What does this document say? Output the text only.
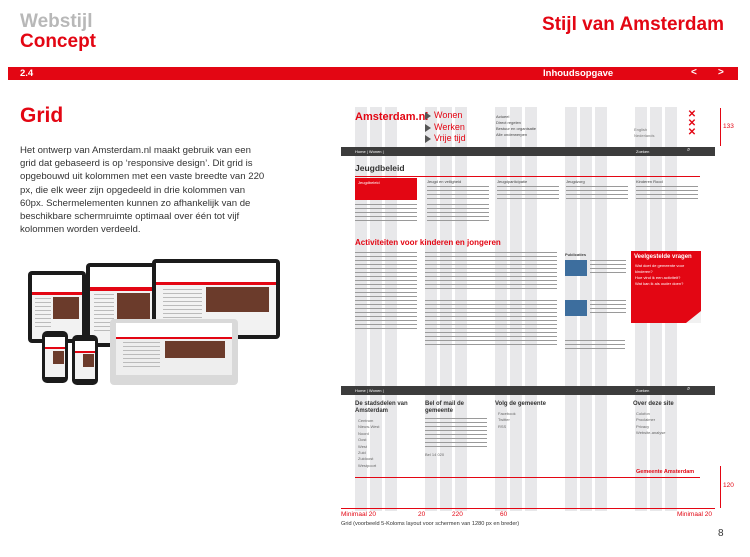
Webstijl
Concept
Stijl van Amsterdam
2.4	Inhoudsopgave	< >
Grid
Het ontwerp van Amsterdam.nl maakt gebruik van een grid dat gebaseerd is op ‘responsive design’. Dit grid is opgebouwd uit kolommen met een vaste breedte van 220 px, die elk weer zijn opgedeeld in drie kolommen van 60px. Schermelementen kunnen zo afhankelijk van de beschikbare schermruimte optimaal over één tot vijf kolommen worden verdeeld.
Amsterdam.nl Wonen
Werken
Vrije tijd
Actueel
Direct regelen
Bestuur en organisatie
Alle onderwerpen
✕
✕
✕
English
Nederlands
Home | Wonen |	Zoeken	⌕
Jeugdbeleid
Jeugdbeleid	Jeugd en veiligheid	Jeugdparticipatie	Jeugdzorg	Kinderen Rood
Activiteiten voor kinderen en jongeren
Publicaties	Veelgestelde vragen
Wat doet de gemeente voor kinderen?
Hoe vind ik een activiteit?
Wat kan ik als ouder doen?
Home | Wonen |	Zoeken	⌕
De stadsdelen van Amsterdam
Centrum
Nieuw-West
Noord
Oost
West
Zuid
Zuidoost
Westpoort
Bel of mail de gemeente
Bel 14 020
Volg de gemeente
Facebook
Twitter
RSS
Over deze site
Colofon
Proclaimer
Privacy
Website-analyse
Gemeente Amsterdam
133
120
Minimaal 20	20	220	60	Minimaal 20
Grid (voorbeeld 5-Koloms layout voor schermen van 1280 px en breder)
8
